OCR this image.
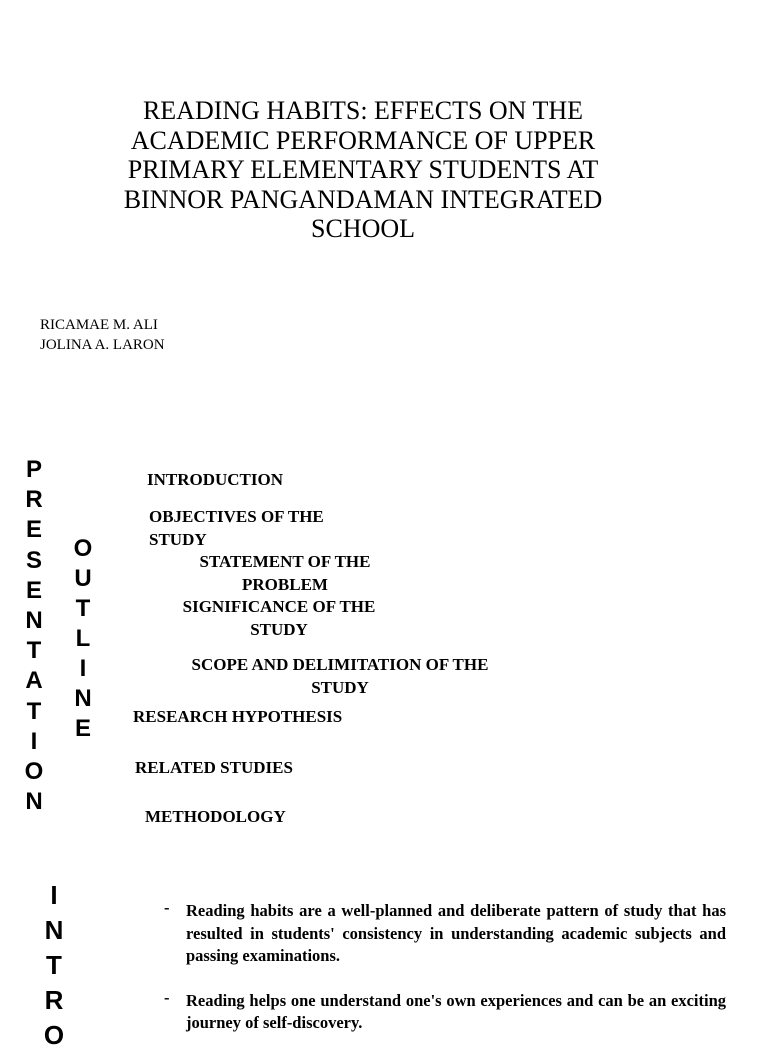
READING HABITS: EFFECTS ON THE
ACADEMIC PERFORMANCE OF UPPER
PRIMARY ELEMENTARY STUDENTS AT
BINNOR PANGANDAMAN INTEGRATED
SCHOOL
RICAMAE M. ALI
JOLINA A. LARON
P
R
E
S
E
N
T
A
T
I
O
N
O
U
T
L
I
N
E
INTRODUCTION
OBJECTIVES OF THE
STUDY
STATEMENT OF THE
PROBLEM
SIGNIFICANCE OF THE
STUDY
SCOPE AND DELIMITATION OF THE
STUDY
RESEARCH HYPOTHESIS
RELATED STUDIES
METHODOLOGY
I
N
T
R
O
- Reading habits are a well-planned and deliberate pattern of study that has resulted in students' consistency in understanding academic subjects and passing examinations.
- Reading helps one understand one's own experiences and can be an exciting journey of self-discovery.
